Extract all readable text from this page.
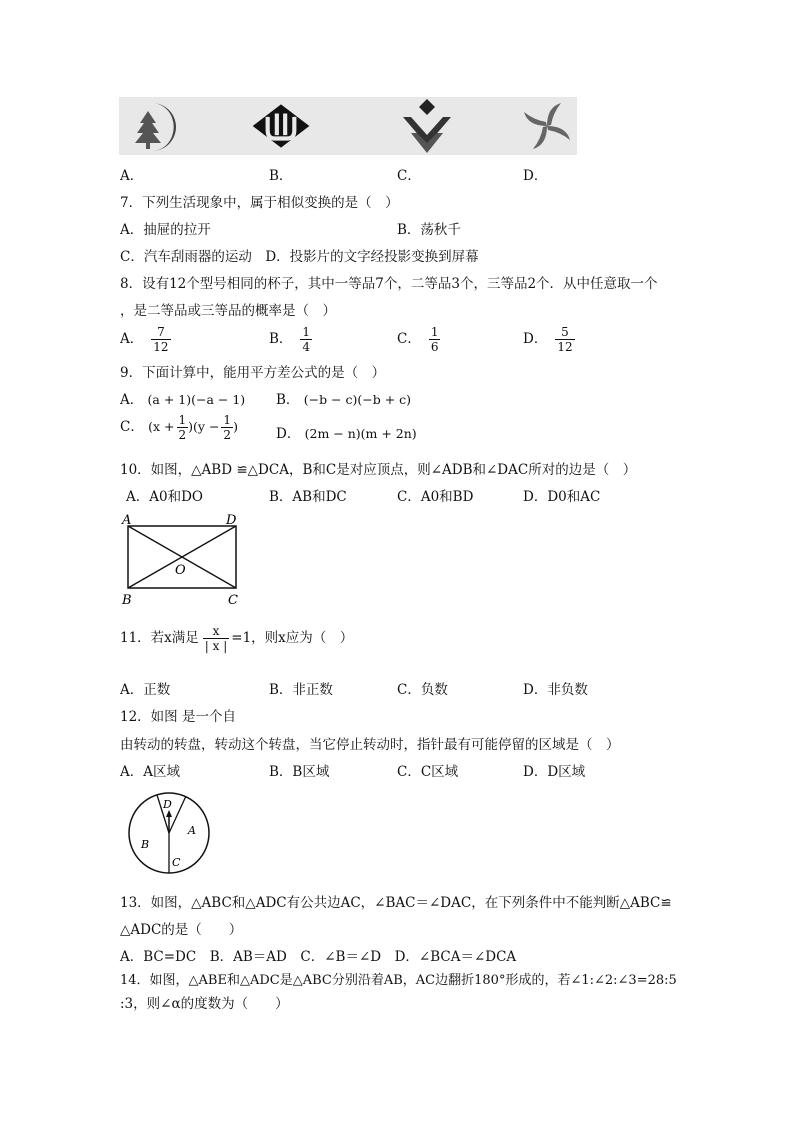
A．	B．	C．	D．
7．下列生活现象中，属于相似变换的是（　）
A．抽屉的拉开	B．荡秋千
C．汽车刮雨器的运动　D．投影片的文字经投影变换到屏幕
8．设有12个型号相同的杯子，其中一等品7个，二等品3个，三等品2个．从中任意取一个
，是二等品或三等品的概率是（　）
A． $\frac{7}{12}$	B． $\frac{1}{4}$	C． $\frac{1}{6}$	D． $\frac{5}{12}$
9．下面计算中，能用平方差公式的是（　）
A． (a + 1)(−a − 1) B． (−b − c)(−b + c)
C． $(x + \frac{1}{2} )(y - \frac{1}{2}$ )	D． (2m − n)(m + 2n)
10．如图，△ABD ≌△DCA，B和C是对应顶点，则∠ADB和∠DAC所对的边是（　）
A．A0和DO	B．AB和DC	C．A0和BD	D．D0和AC
A	D
O
B	C
11．若x满足 $\frac{x}{| x |} =1$，则x应为（　）
A．正数	B．非正数	C．负数	D．非负数
12．如图 是一个自
由转动的转盘，转动这个转盘，当它停止转动时，指针最有可能停留的区域是（　）
A．A区域	B．B区域	C．C区域	D．D区域
D
A
B
C
13．如图，△ABC和△ADC有公共边AC，∠BAC＝∠DAC，在下列条件中不能判断△ABC≌
△ADC的是（　　）
A．BC=DC　B．AB＝AD　C．∠B＝∠D　D．∠BCA＝∠DCA
14．如图，△ABE和△ADC是△ABC分别沿着AB，AC边翻折180°形成的，若∠1:∠2:∠3=28:5
:3，则∠α的度数为（　　）
